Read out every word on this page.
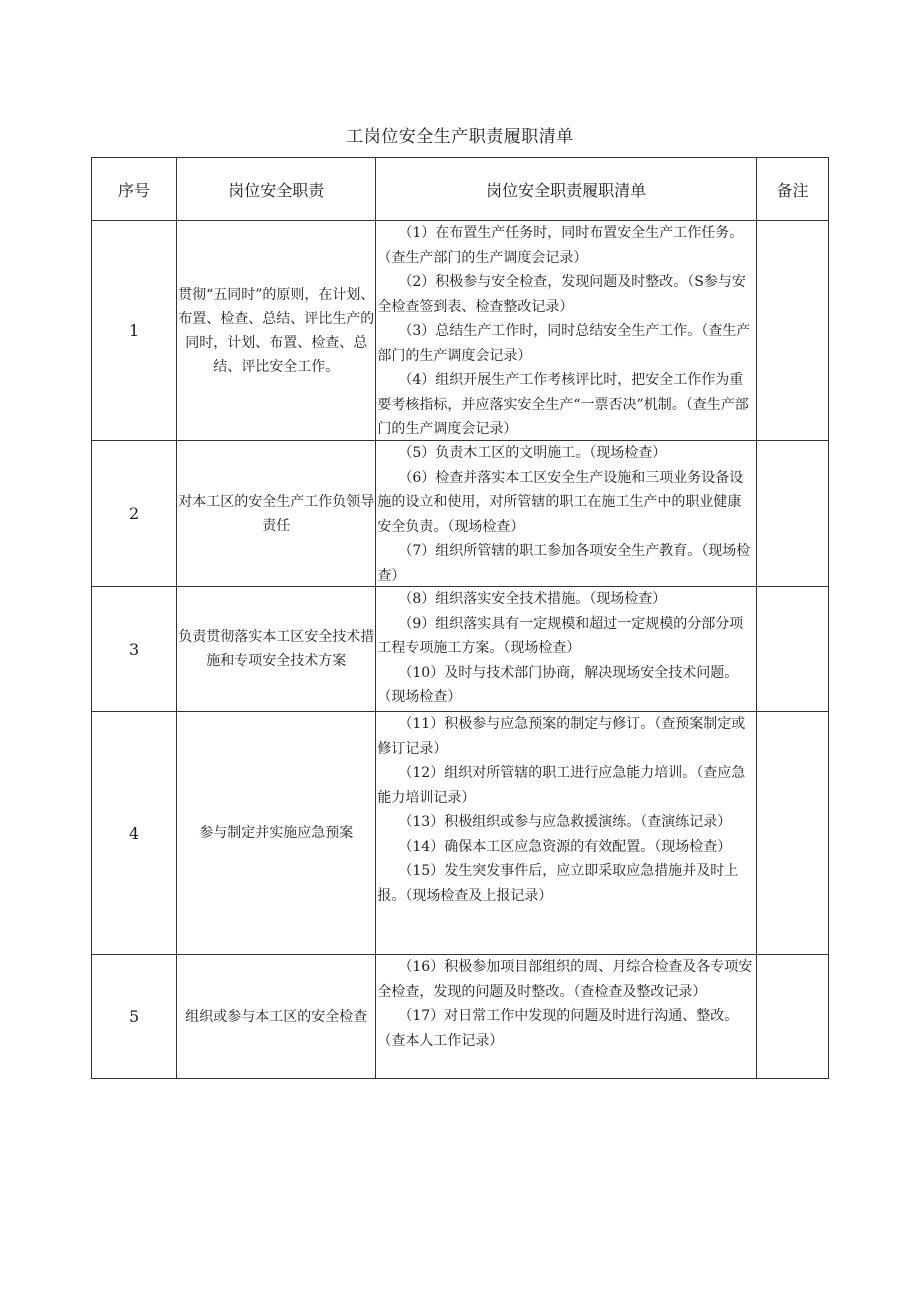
工岗位安全生产职责履职清单
序号	岗位安全职责	岗位安全职责履职清单	备注
1	贯彻“五同时”的原则，在计划、布置、检查、总结、评比生产的同时，计划、布置、检查、总结、评比安全工作。	（1）在布置生产任务时，同时布置安全生产工作任务。（查生产部门的生产调度会记录）

（2）积极参与安全检查，发现问题及时整改。（S参与安全检查签到表、检查整改记录）

（3）总结生产工作时，同时总结安全生产工作。（查生产部门的生产调度会记录）

（4）组织开展生产工作考核评比时，把安全工作作为重要考核指标，并应落实安全生产“一票否决”机制。（查生产部门的生产调度会记录）	

2	对本工区的安全生产工作负领导责任	（5）负责木工区的文明施工。（现场检查）

（6）检查并落实本工区安全生产设施和三项业务设备设施的设立和使用，对所管辖的职工在施工生产中的职业健康安全负责。（现场检查）

（7）组织所管辖的职工参加各项安全生产教育。（现场检查）	

3	负责贯彻落实本工区安全技术措施和专项安全技术方案	（8）组织落实安全技术措施。（现场检查）

（9）组织落实具有一定规模和超过一定规模的分部分项工程专项施工方案。（现场检查）

（10）及时与技术部门协商，解决现场安全技术问题。（现场检查）	

4	参与制定并实施应急预案	（11）积极参与应急预案的制定与修订。（查预案制定或修订记录）

（12）组织对所管辖的职工进行应急能力培训。（查应急能力培训记录）

（13）积极组织或参与应急救援演练。（查演练记录）

（14）确保本工区应急资源的有效配置。（现场检查）

（15）发生突发事件后，应立即采取应急措施并及时上报。（现场检查及上报记录）	

5	组织或参与本工区的安全检查	（16）积极参加项目部组织的周、月综合检查及各专项安全检查，发现的问题及时整改。（查检查及整改记录）

（17）对日常工作中发现的问题及时进行沟通、整改。（查本人工作记录）	
